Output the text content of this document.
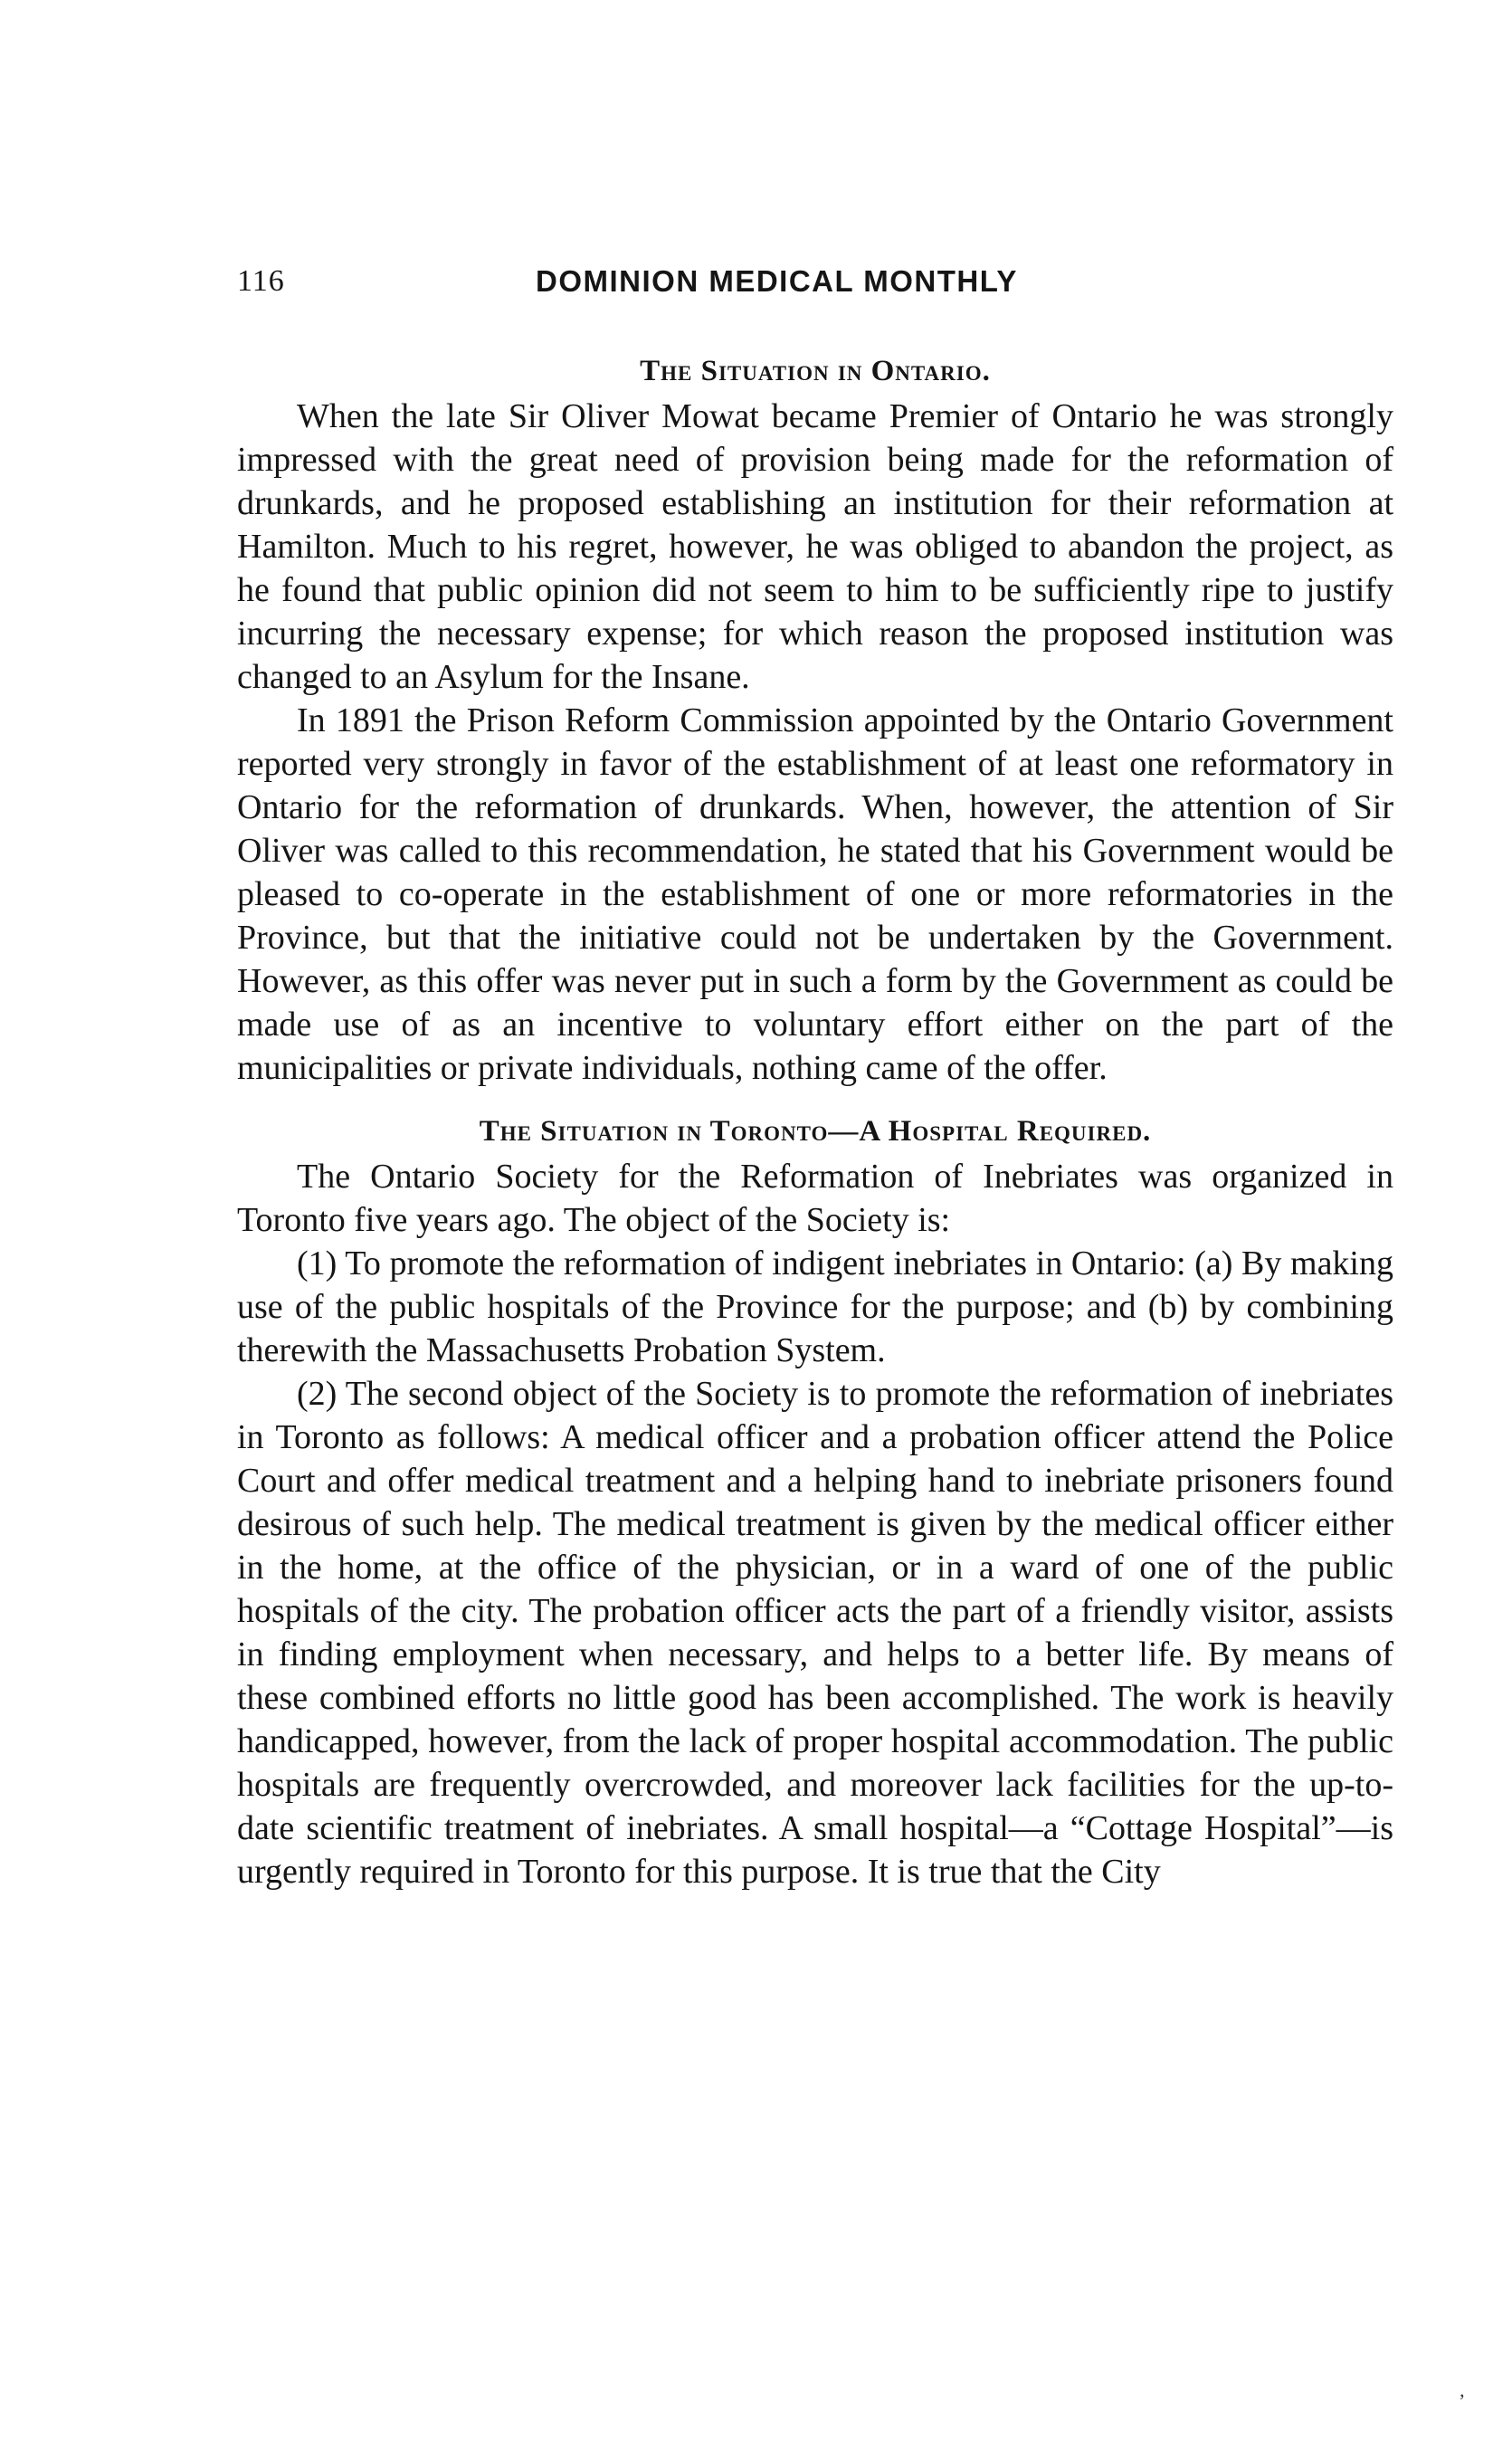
116	DOMINION MEDICAL MONTHLY
The Situation in Ontario.

When the late Sir Oliver Mowat became Premier of Ontario he was strongly impressed with the great need of provision being made for the reformation of drunkards, and he proposed establishing an institution for their reformation at Hamilton. Much to his regret, however, he was obliged to abandon the project, as he found that public opinion did not seem to him to be sufficiently ripe to justify incurring the necessary expense; for which reason the proposed institution was changed to an Asylum for the Insane.

In 1891 the Prison Reform Commission appointed by the Ontario Government reported very strongly in favor of the establishment of at least one reformatory in Ontario for the reformation of drunkards. When, however, the attention of Sir Oliver was called to this recommendation, he stated that his Government would be pleased to co-operate in the establishment of one or more reformatories in the Province, but that the initiative could not be undertaken by the Government. However, as this offer was never put in such a form by the Government as could be made use of as an incentive to voluntary effort either on the part of the municipalities or private individuals, nothing came of the offer.

The Situation in Toronto—A Hospital Required.

The Ontario Society for the Reformation of Inebriates was organized in Toronto five years ago. The object of the Society is:

(1) To promote the reformation of indigent inebriates in Ontario: (a) By making use of the public hospitals of the Province for the purpose; and (b) by combining therewith the Massachusetts Probation System.

(2) The second object of the Society is to promote the reformation of inebriates in Toronto as follows: A medical officer and a probation officer attend the Police Court and offer medical treatment and a helping hand to inebriate prisoners found desirous of such help. The medical treatment is given by the medical officer either in the home, at the office of the physician, or in a ward of one of the public hospitals of the city. The probation officer acts the part of a friendly visitor, assists in finding employment when necessary, and helps to a better life. By means of these combined efforts no little good has been accomplished. The work is heavily handicapped, however, from the lack of proper hospital accommodation. The public hospitals are frequently overcrowded, and moreover lack facilities for the up-to-date scientific treatment of inebriates. A small hospital—a “Cottage Hospital”—is urgently required in Toronto for this purpose. It is true that the City

’
